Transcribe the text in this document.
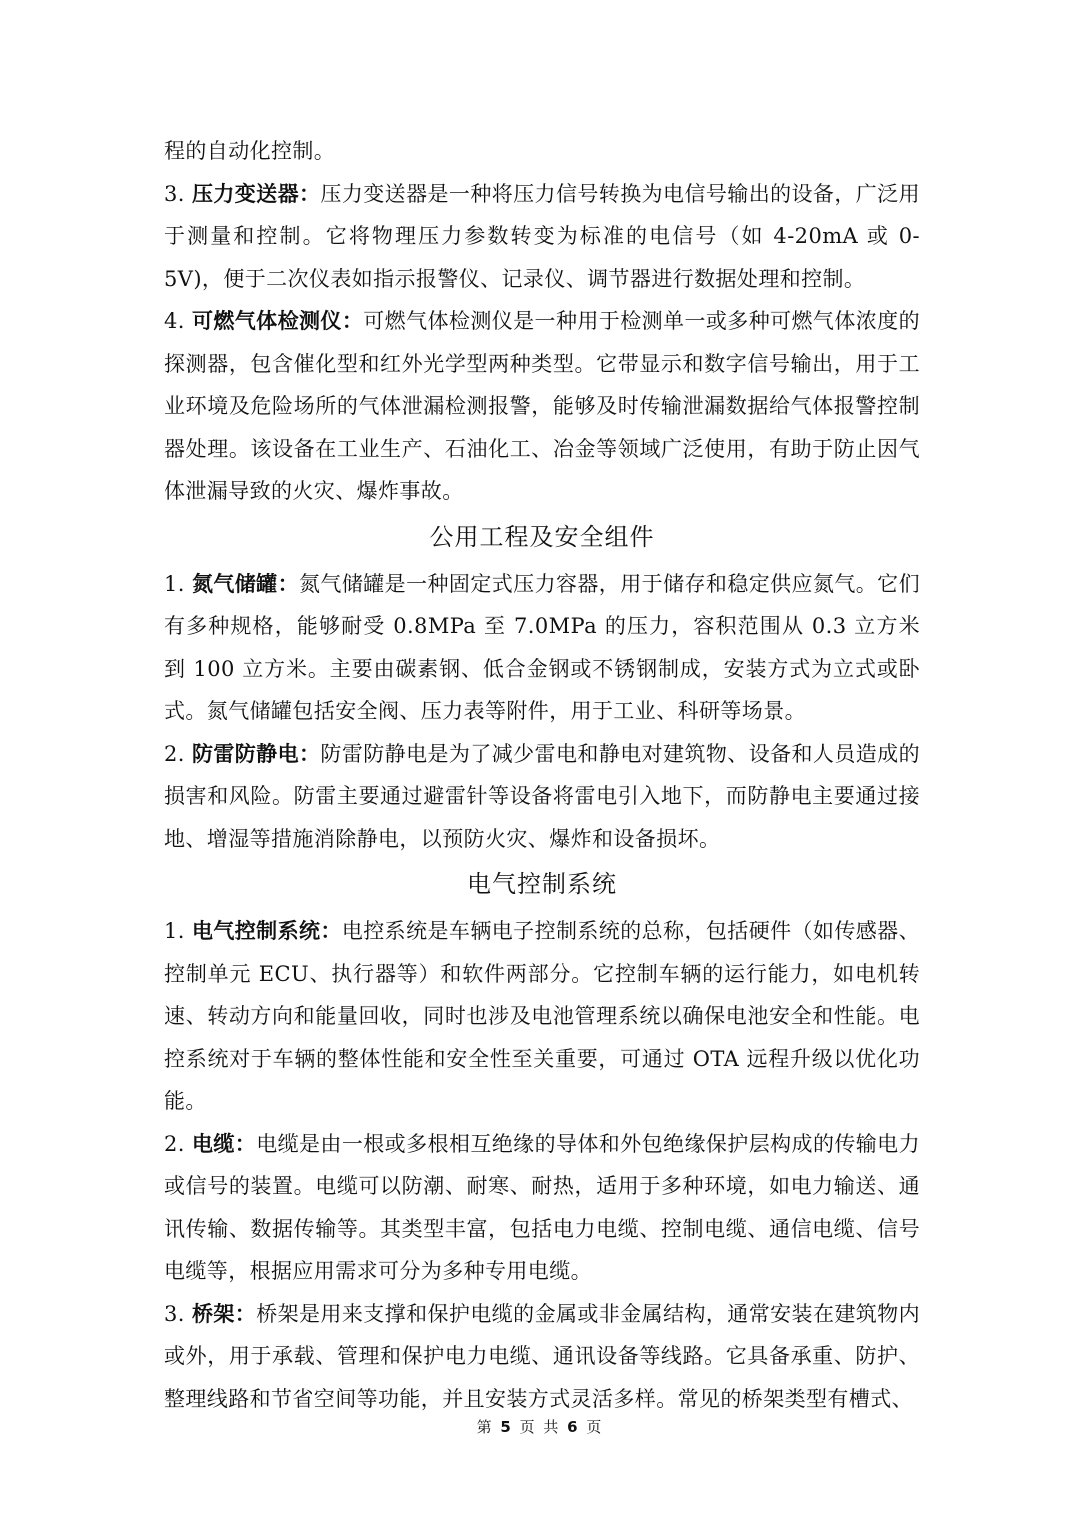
程的自动化控制。

3. 压力变送器：压力变送器是一种将压力信号转换为电信号输出的设备，广泛用于测量和控制。它将物理压力参数转变为标准的电信号（如 4-20mA 或 0-5V)，便于二次仪表如指示报警仪、记录仪、调节器进行数据处理和控制。

4. 可燃气体检测仪：可燃气体检测仪是一种用于检测单一或多种可燃气体浓度的探测器，包含催化型和红外光学型两种类型。它带显示和数字信号输出，用于工业环境及危险场所的气体泄漏检测报警，能够及时传输泄漏数据给气体报警控制器处理。该设备在工业生产、石油化工、冶金等领域广泛使用，有助于防止因气体泄漏导致的火灾、爆炸事故。

公用工程及安全组件

1. 氮气储罐：氮气储罐是一种固定式压力容器，用于储存和稳定供应氮气。它们有多种规格，能够耐受 0.8MPa 至 7.0MPa 的压力，容积范围从 0.3 立方米到 100 立方米。主要由碳素钢、低合金钢或不锈钢制成，安装方式为立式或卧式。氮气储罐包括安全阀、压力表等附件，用于工业、科研等场景。

2. 防雷防静电：防雷防静电是为了减少雷电和静电对建筑物、设备和人员造成的损害和风险。防雷主要通过避雷针等设备将雷电引入地下，而防静电主要通过接地、增湿等措施消除静电，以预防火灾、爆炸和设备损坏。

电气控制系统

1. 电气控制系统：电控系统是车辆电子控制系统的总称，包括硬件（如传感器、控制单元 ECU、执行器等）和软件两部分。它控制车辆的运行能力，如电机转速、转动方向和能量回收，同时也涉及电池管理系统以确保电池安全和性能。电控系统对于车辆的整体性能和安全性至关重要，可通过 OTA 远程升级以优化功能。

2. 电缆：电缆是由一根或多根相互绝缘的导体和外包绝缘保护层构成的传输电力或信号的装置。电缆可以防潮、耐寒、耐热，适用于多种环境，如电力输送、通讯传输、数据传输等。其类型丰富，包括电力电缆、控制电缆、通信电缆、信号电缆等，根据应用需求可分为多种专用电缆。

3. 桥架：桥架是用来支撑和保护电缆的金属或非金属结构，通常安装在建筑物内或外，用于承载、管理和保护电力电缆、通讯设备等线路。它具备承重、防护、整理线路和节省空间等功能，并且安装方式灵活多样。常见的桥架类型有槽式、

第 5 页 共 6 页
